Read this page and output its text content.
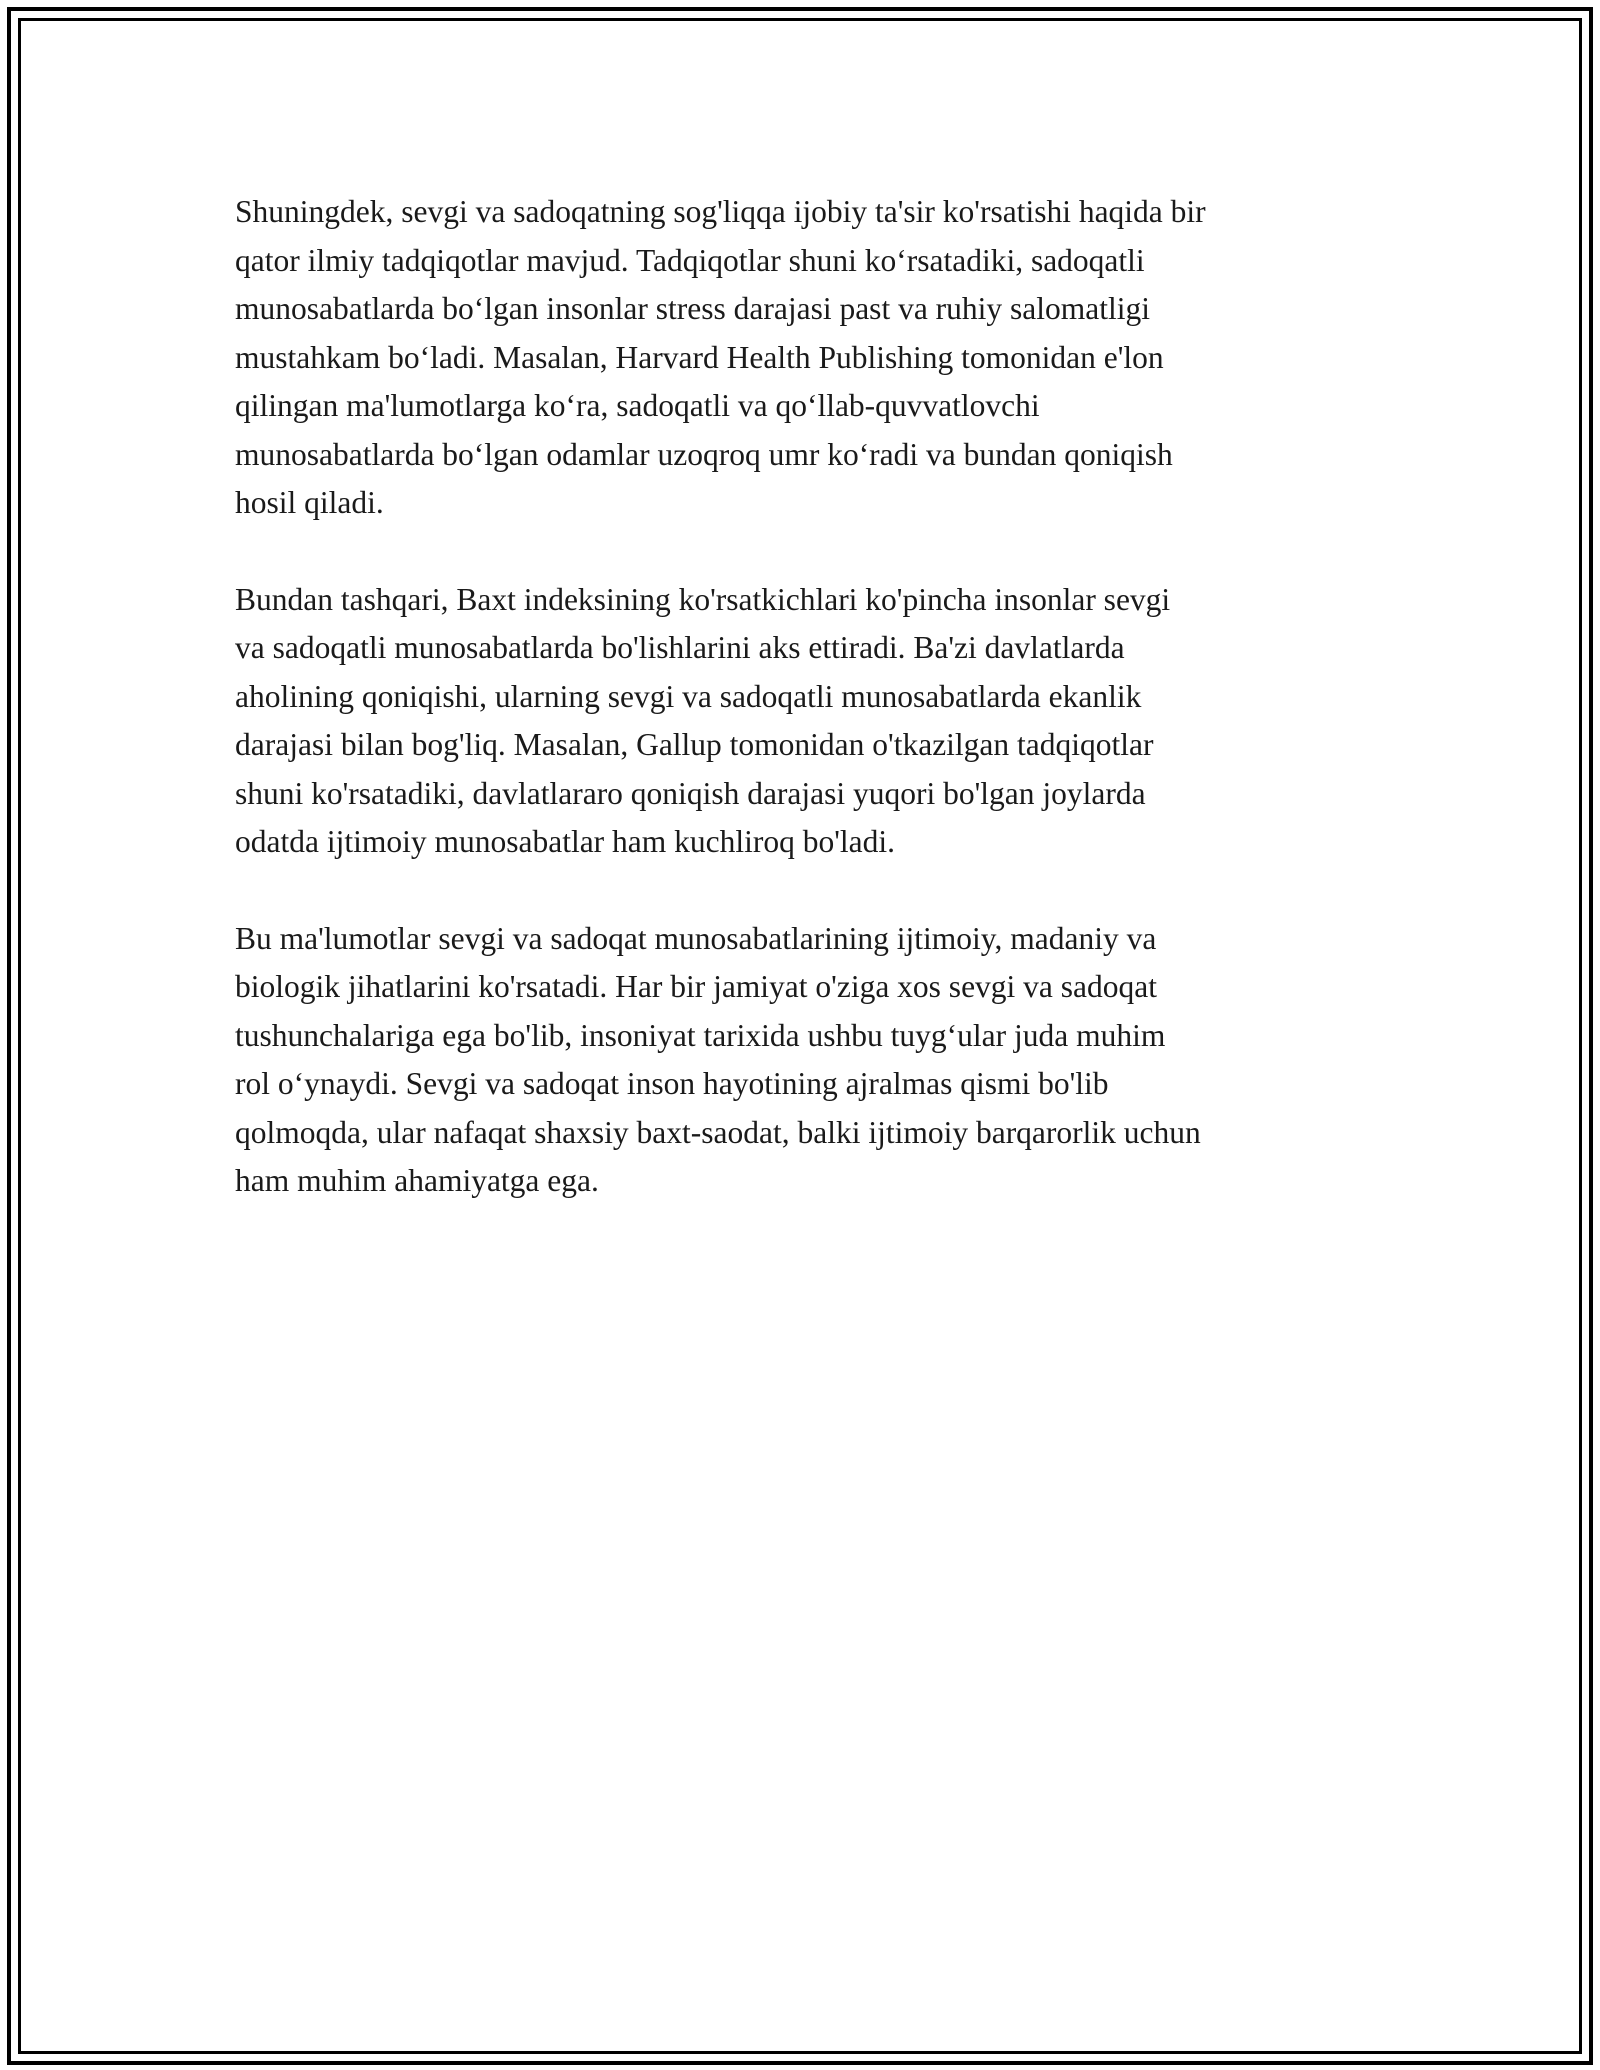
Shuningdek, sevgi va sadoqatning sog'liqqa ijobiy ta'sir ko'rsatishi haqida bir
qator ilmiy tadqiqotlar mavjud. Tadqiqotlar shuni ko‘rsatadiki, sadoqatli
munosabatlarda bo‘lgan insonlar stress darajasi past va ruhiy salomatligi
mustahkam bo‘ladi. Masalan, Harvard Health Publishing tomonidan e'lon
qilingan ma'lumotlarga ko‘ra, sadoqatli va qo‘llab-quvvatlovchi
munosabatlarda bo‘lgan odamlar uzoqroq umr ko‘radi va bundan qoniqish
hosil qiladi.

Bundan tashqari, Baxt indeksining ko'rsatkichlari ko'pincha insonlar sevgi
va sadoqatli munosabatlarda bo'lishlarini aks ettiradi. Ba'zi davlatlarda
aholining qoniqishi, ularning sevgi va sadoqatli munosabatlarda ekanlik
darajasi bilan bog'liq. Masalan, Gallup tomonidan o'tkazilgan tadqiqotlar
shuni ko'rsatadiki, davlatlararo qoniqish darajasi yuqori bo'lgan joylarda
odatda ijtimoiy munosabatlar ham kuchliroq bo'ladi.

Bu ma'lumotlar sevgi va sadoqat munosabatlarining ijtimoiy, madaniy va
biologik jihatlarini ko'rsatadi. Har bir jamiyat o'ziga xos sevgi va sadoqat
tushunchalariga ega bo'lib, insoniyat tarixida ushbu tuyg‘ular juda muhim
rol o‘ynaydi. Sevgi va sadoqat inson hayotining ajralmas qismi bo'lib
qolmoqda, ular nafaqat shaxsiy baxt-saodat, balki ijtimoiy barqarorlik uchun
ham muhim ahamiyatga ega.
